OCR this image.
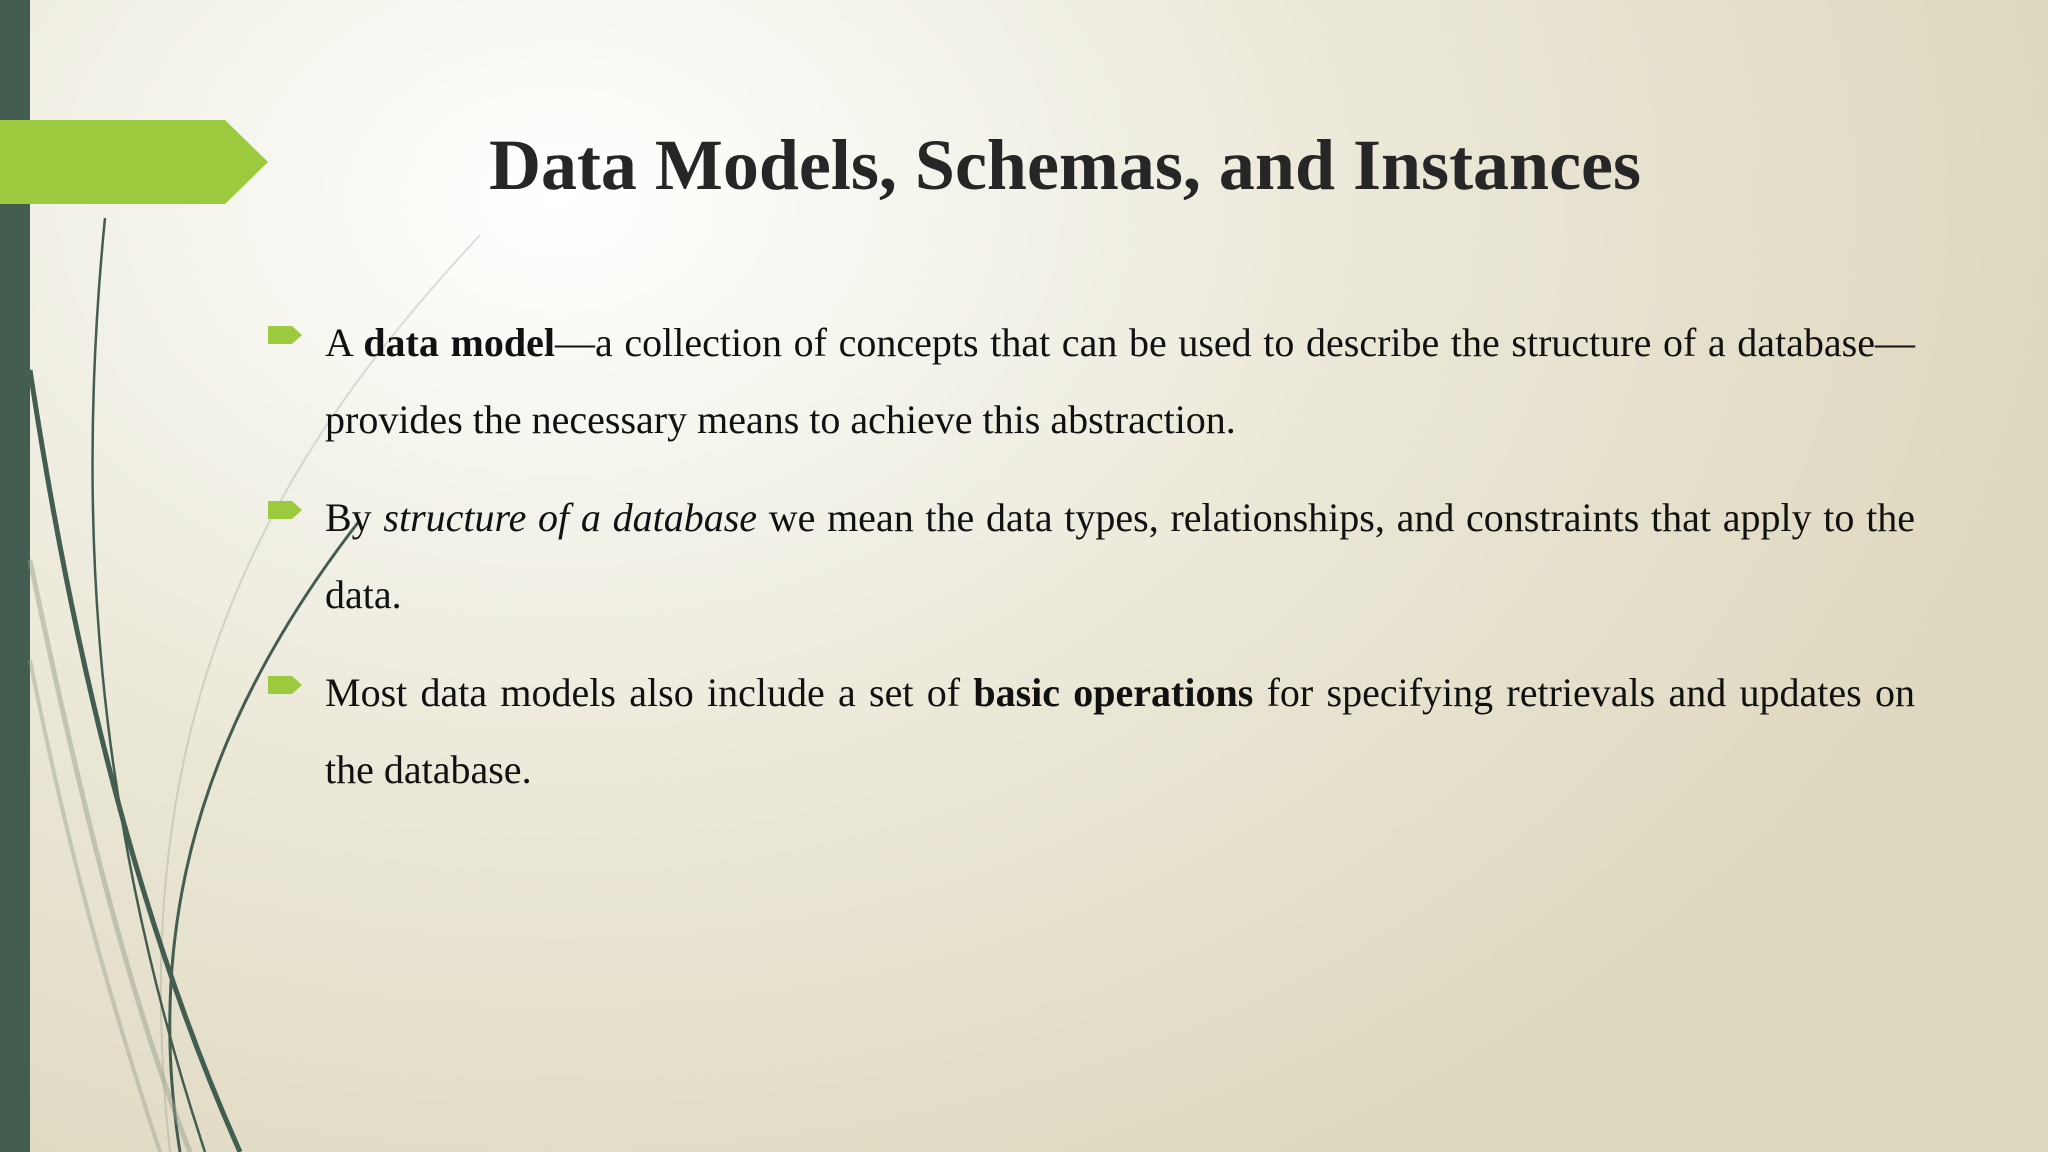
Data Models, Schemas, and Instances

A data model—a collection of concepts that can be used to describe the structure of a database—provides the necessary means to achieve this abstraction.

By structure of a database we mean the data types, relationships, and constraints that apply to the data.

Most data models also include a set of basic operations for specifying retrievals and updates on the database.
